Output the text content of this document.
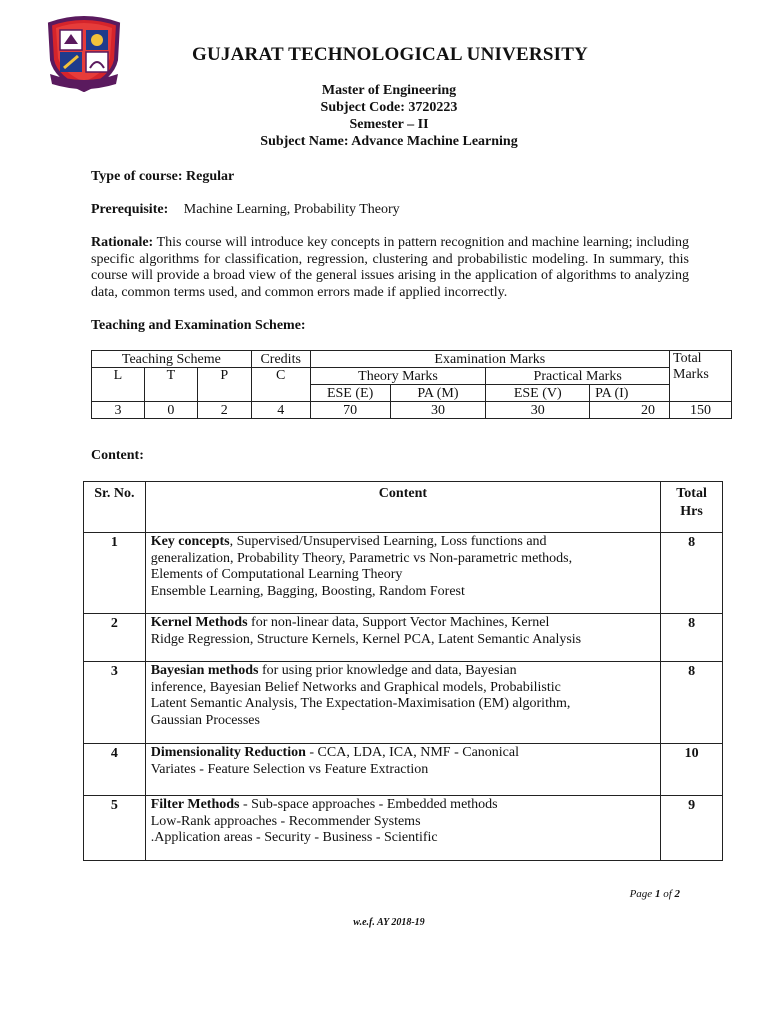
GUJARAT TECHNOLOGICAL UNIVERSITY
Master of Engineering
Subject Code: 3720223
Semester – II
Subject Name: Advance Machine Learning
Type of course: Regular
Prerequisite: Machine Learning, Probability Theory
Rationale: This course will introduce key concepts in pattern recognition and machine learning; including specific algorithms for classification, regression, clustering and probabilistic modeling. In summary, this course will provide a broad view of the general issues arising in the application of algorithms to analyzing data, common terms used, and common errors made if applied incorrectly.
Teaching and Examination Scheme:
Teaching Scheme			Credits	Examination Marks				Total Marks
L	T	P	C	Theory Marks		Practical Marks		
				ESE (E)	PA (M)	ESE (V)	PA (I)	
3	0	2	4	70	30	30	20	150
Content:
Sr. No.	Content	Total Hrs
1	Key concepts, Supervised/Unsupervised Learning, Loss functions and
generalization, Probability Theory, Parametric vs Non-parametric methods,
Elements of Computational Learning Theory
Ensemble Learning, Bagging, Boosting, Random Forest	8
2	Kernel Methods for non-linear data, Support Vector Machines, Kernel
Ridge Regression, Structure Kernels, Kernel PCA, Latent Semantic Analysis	8
3	Bayesian methods for using prior knowledge and data, Bayesian
inference, Bayesian Belief Networks and Graphical models, Probabilistic
Latent Semantic Analysis, The Expectation-Maximisation (EM) algorithm,
Gaussian Processes	8
4	Dimensionality Reduction - CCA, LDA, ICA, NMF - Canonical
Variates - Feature Selection vs Feature Extraction	10
5	Filter Methods - Sub-space approaches - Embedded methods
Low-Rank approaches - Recommender Systems
.Application areas - Security - Business - Scientific	9
Page 1 of 2
w.e.f. AY 2018-19
